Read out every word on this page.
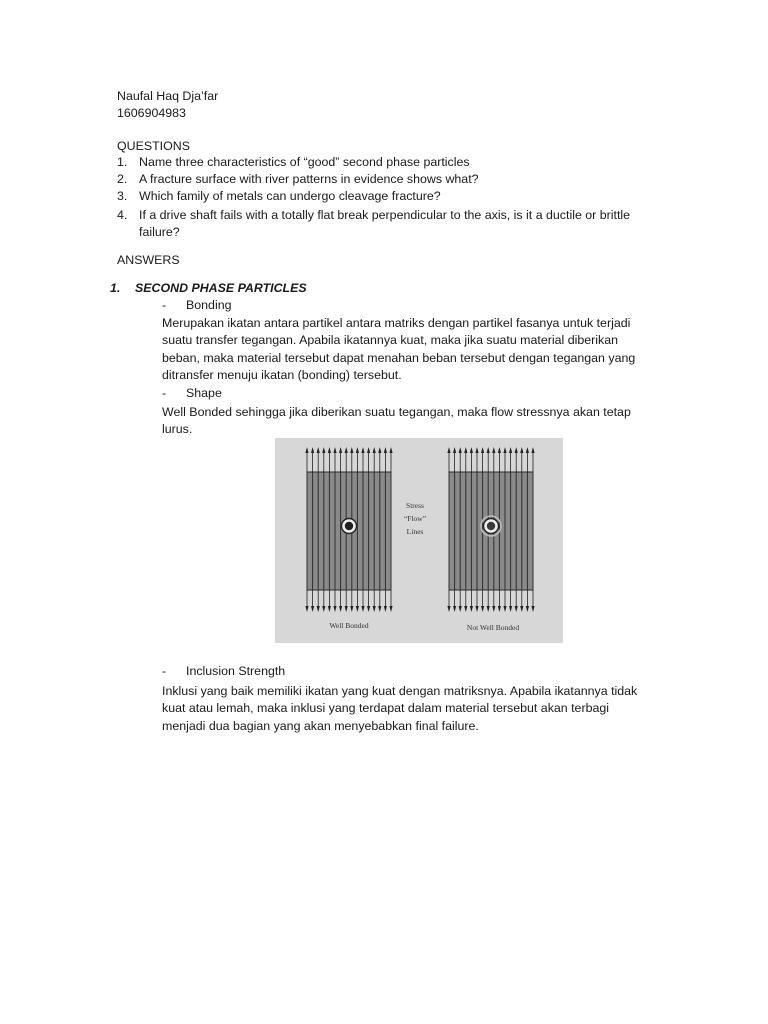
Naufal Haq Dja’far
1606904983
QUESTIONS
1. Name three characteristics of “good” second phase particles
2. A fracture surface with river patterns in evidence shows what?
3. Which family of metals can undergo cleavage fracture?
4. If a drive shaft fails with a totally flat break perpendicular to the axis, is it a ductile or brittle
failure?
ANSWERS
1. SECOND PHASE PARTICLES
- Bonding
Merupakan ikatan antara partikel antara matriks dengan partikel fasanya untuk terjadi
suatu transfer tegangan. Apabila ikatannya kuat, maka jika suatu material diberikan
beban, maka material tersebut dapat menahan beban tersebut dengan tegangan yang
ditransfer menuju ikatan (bonding) tersebut.
- Shape
Well Bonded sehingga jika diberikan suatu tegangan, maka flow stressnya akan tetap
lurus.
Stress
“Flow”
Lines
Well Bonded	Not Well Bonded
- Inclusion Strength
Inklusi yang baik memiliki ikatan yang kuat dengan matriksnya. Apabila ikatannya tidak
kuat atau lemah, maka inklusi yang terdapat dalam material tersebut akan terbagi
menjadi dua bagian yang akan menyebabkan final failure.
